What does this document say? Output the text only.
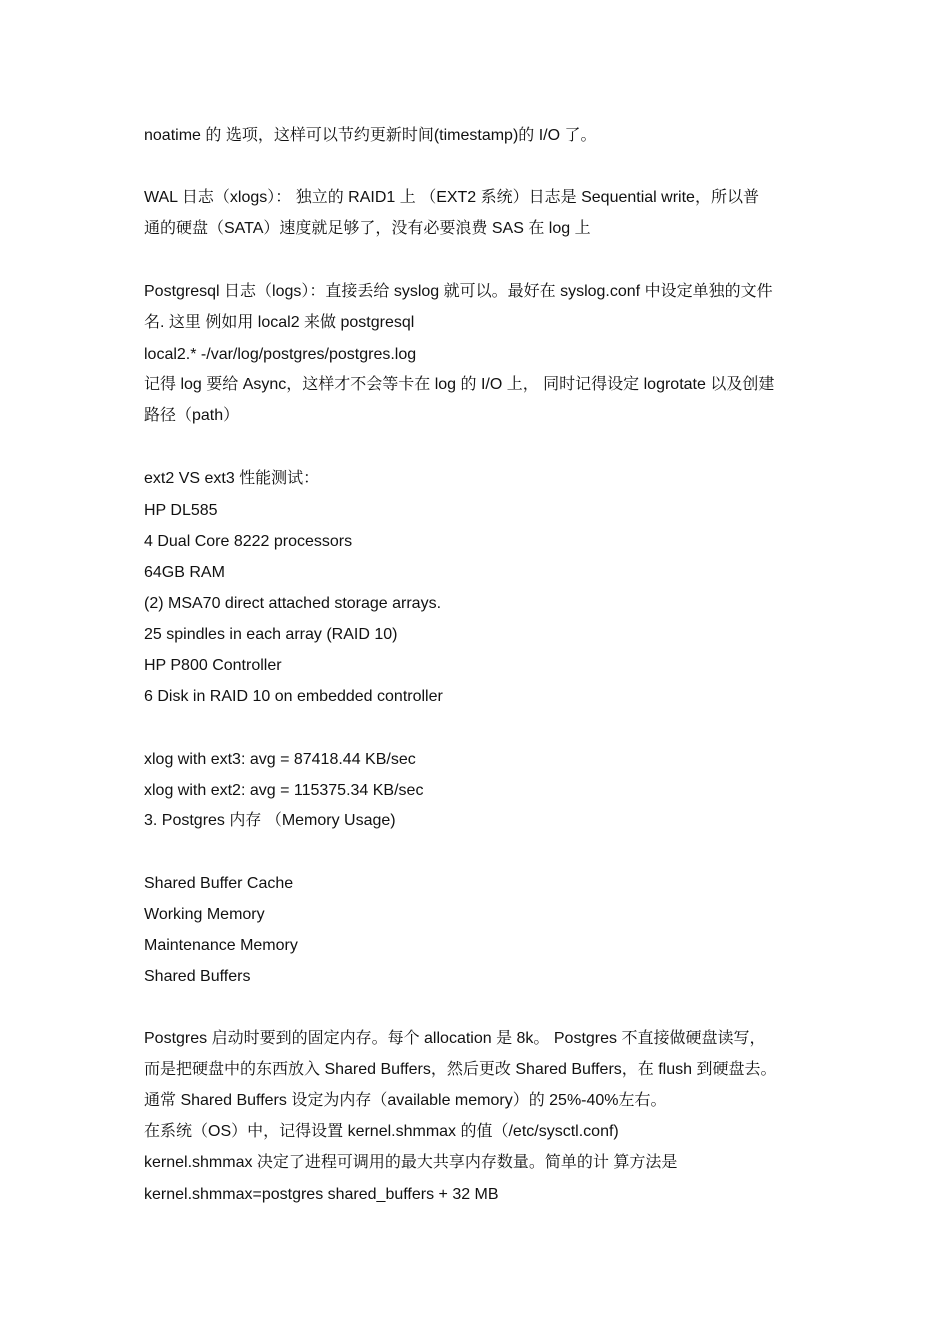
noatime 的 选项，这样可以节约更新时间(timestamp)的 I/O 了。
WAL 日志（xlogs）： 独立的 RAID1 上 （EXT2 系统）日志是 Sequential write，所以普
通的硬盘（SATA）速度就足够了，没有必要浪费 SAS 在 log 上
Postgresql 日志（logs）：直接丢给 syslog 就可以。最好在 syslog.conf 中设定单独的文件
名. 这里 例如用 local2 来做 postgresql
local2.* -/var/log/postgres/postgres.log
记得 log 要给 Async，这样才不会等卡在 log 的 I/O 上， 同时记得设定 logrotate 以及创建
路径（path）
ext2 VS ext3 性能测试：
HP DL585
4 Dual Core 8222 processors
64GB RAM
(2) MSA70 direct attached storage arrays.
25 spindles in each array (RAID 10)
HP P800 Controller
6 Disk in RAID 10 on embedded controller
xlog with ext3: avg = 87418.44 KB/sec
xlog with ext2: avg = 115375.34 KB/sec
3. Postgres 内存 （Memory Usage)
Shared Buffer Cache
Working Memory
Maintenance Memory
Shared Buffers
Postgres 启动时要到的固定内存。每个 allocation 是 8k。 Postgres 不直接做硬盘读写，
而是把硬盘中的东西放入 Shared Buffers，然后更改 Shared Buffers，在 flush 到硬盘去。
通常 Shared Buffers 设定为内存（available memory）的 25%-40%左右。
在系统（OS）中，记得设置 kernel.shmmax 的值（/etc/sysctl.conf)
kernel.shmmax 决定了进程可调用的最大共享内存数量。简单的计 算方法是
kernel.shmmax=postgres shared_buffers + 32 MB
